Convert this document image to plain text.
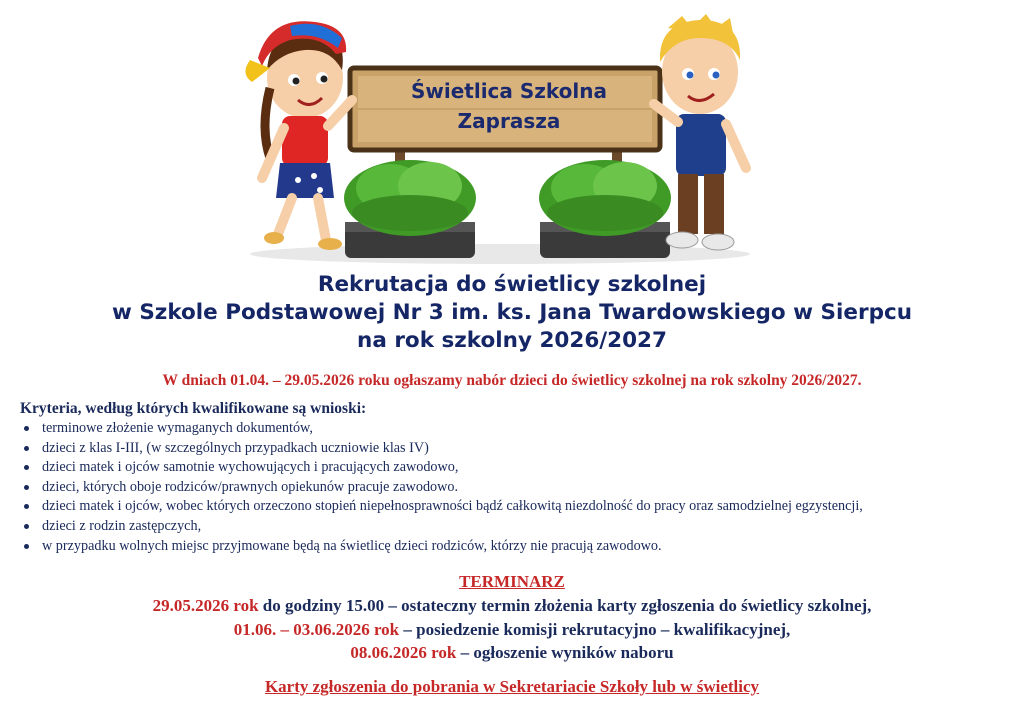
Świetlica Szkolna
Zaprasza
Rekrutacja do świetlicy szkolnej
w Szkole Podstawowej Nr 3 im. ks. Jana Twardowskiego w Sierpcu
na rok szkolny 2026/2027
W dniach 01.04. – 29.05.2026 roku ogłaszamy nabór dzieci do świetlicy szkolnej na rok szkolny 2026/2027.
Kryteria, według których kwalifikowane są wnioski:
terminowe złożenie wymaganych dokumentów,
dzieci z klas I-III, (w szczególnych przypadkach uczniowie klas IV)
dzieci matek i ojców samotnie wychowujących i pracujących zawodowo,
dzieci, których oboje rodziców/prawnych opiekunów pracuje zawodowo.
dzieci matek i ojców, wobec których orzeczono stopień niepełnosprawności bądź całkowitą niezdolność do pracy oraz samodzielnej egzystencji,
dzieci z rodzin zastępczych,
w przypadku wolnych miejsc przyjmowane będą na świetlicę dzieci rodziców, którzy nie pracują zawodowo.
TERMINARZ
29.05.2026 rok do godziny 15.00 – ostateczny termin złożenia karty zgłoszenia do świetlicy szkolnej,
01.06. – 03.06.2026 rok – posiedzenie komisji rekrutacyjno – kwalifikacyjnej,
08.06.2026 rok – ogłoszenie wyników naboru
Karty zgłoszenia do pobrania w Sekretariacie Szkoły lub w świetlicy
